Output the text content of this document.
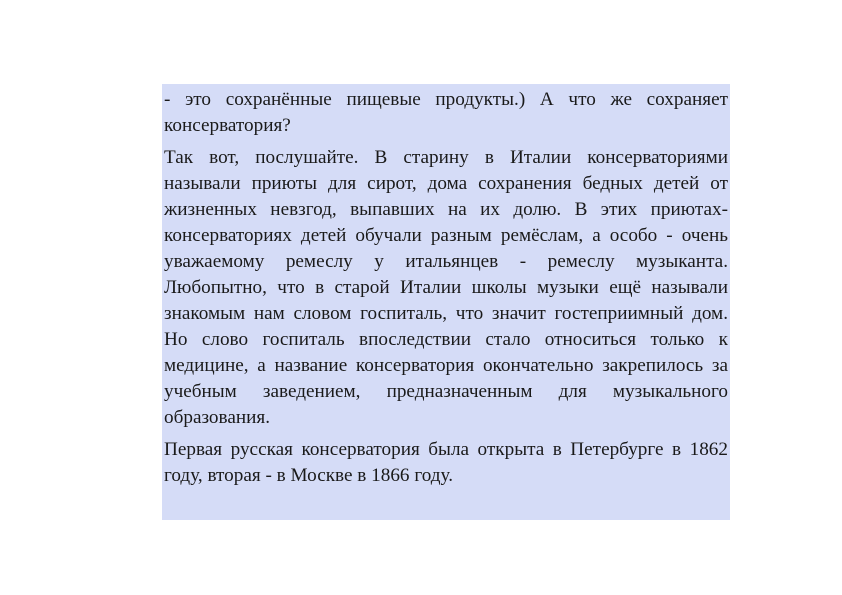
- это сохранённые пищевые продукты.) А что же сохраняет консерватория?

Так вот, послушайте. В старину в Италии консерваториями называли приюты для сирот, дома сохранения бедных детей от жизненных невзгод, выпавших на их долю. В этих приютах-консерваториях детей обучали разным ремёслам, а особо - очень уважаемому ремеслу у итальянцев - ремеслу музыканта. Любопытно, что в старой Италии школы музыки ещё называли знакомым нам словом госпиталь, что значит гостеприимный дом. Но слово госпиталь впоследствии стало относиться только к медицине, а название консерватория окончательно закрепилось за учебным заведением, предназначенным для музыкального образования.

Первая русская консерватория была открыта в Петербурге в 1862 году, вторая - в Москве в 1866 году.
